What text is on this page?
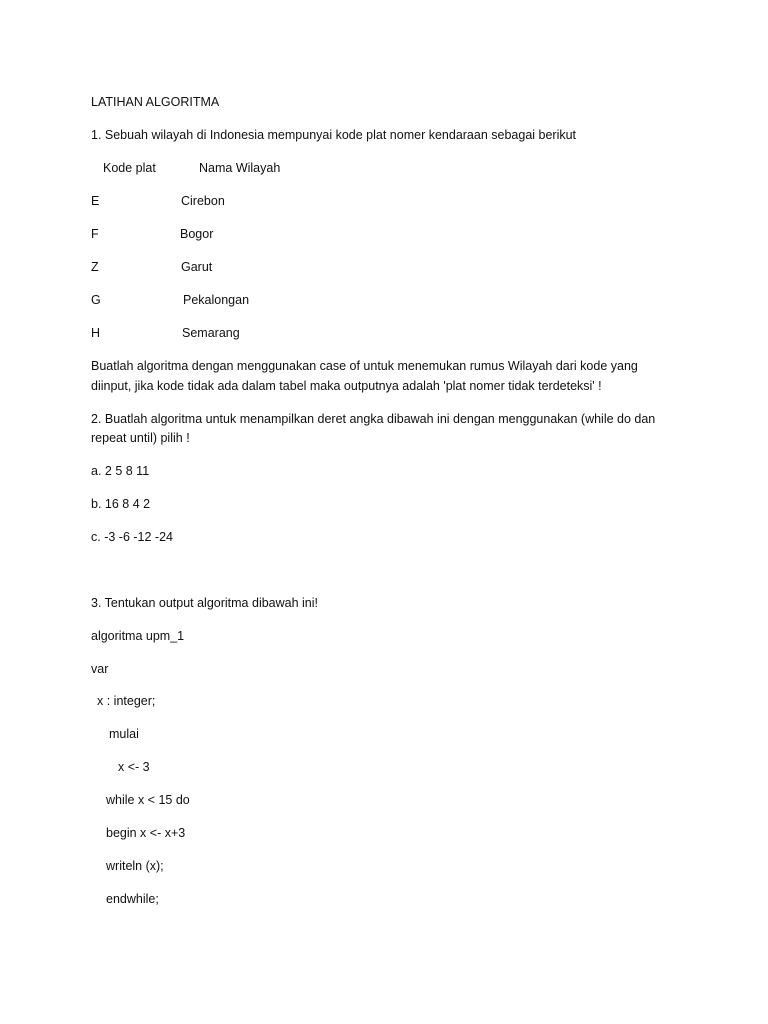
LATIHAN ALGORITMA
1. Sebuah wilayah di Indonesia mempunyai kode plat nomer kendaraan sebagai berikut
Kode plat	Nama Wilayah
E	Cirebon
F	Bogor
Z	Garut
G	Pekalongan
H	Semarang
Buatlah algoritma dengan menggunakan case of untuk menemukan rumus Wilayah dari kode yang
diinput, jika kode tidak ada dalam tabel maka outputnya adalah 'plat nomer tidak terdeteksi' !
2. Buatlah algoritma untuk menampilkan deret angka dibawah ini dengan menggunakan (while do dan
repeat until) pilih !
a. 2 5 8 11
b. 16 8 4 2
c. -3 -6 -12 -24
3. Tentukan output algoritma dibawah ini!
algoritma upm_1
var
x : integer;
mulai
x <- 3
while x < 15 do
begin x <- x+3
writeln (x);
endwhile;
